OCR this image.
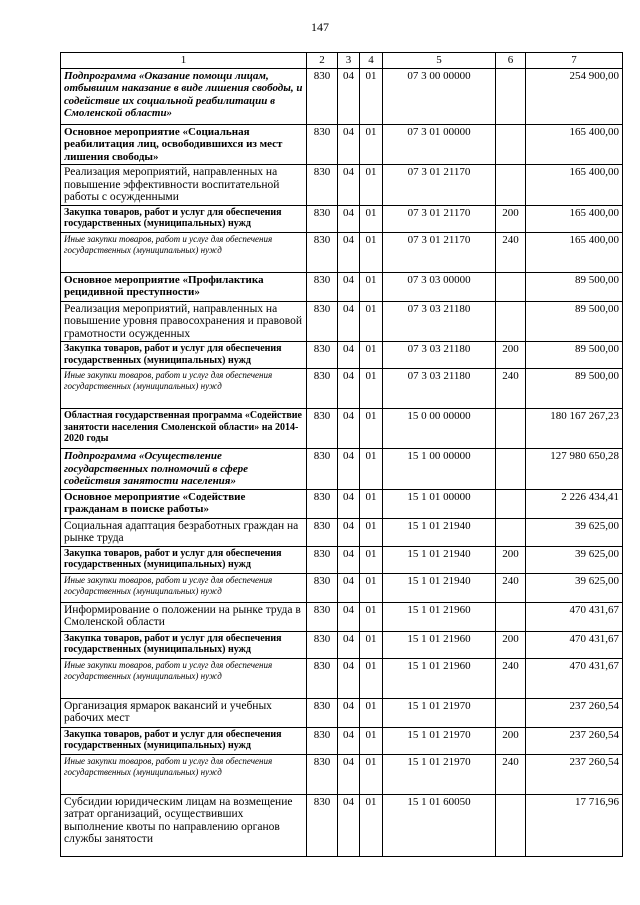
147
1	2	3	4	5	6	7
Подпрограмма «Оказание помощи лицам, отбывшим наказание в виде лишения свободы, и содействие их социальной реабилитации в Смоленской области»	830	04	01	07 3 00 00000		254 900,00
Основное мероприятие «Социальная реабилитация лиц, освободившихся из мест лишения свободы»	830	04	01	07 3 01 00000		165 400,00
Реализация мероприятий, направленных на повышение эффективности воспитательной работы с осужденными	830	04	01	07 3 01 21170		165 400,00
Закупка товаров, работ и услуг для обеспечения государственных (муниципальных) нужд	830	04	01	07 3 01 21170	200	165 400,00
Иные закупки товаров, работ и услуг для обеспечения государственных (муниципальных) нужд	830	04	01	07 3 01 21170	240	165 400,00
Основное мероприятие «Профилактика рецидивной преступности»	830	04	01	07 3 03 00000		89 500,00
Реализация мероприятий, направленных на повышение уровня правосохранения и правовой грамотности осужденных	830	04	01	07 3 03 21180		89 500,00
Закупка товаров, работ и услуг для обеспечения государственных (муниципальных) нужд	830	04	01	07 3 03 21180	200	89 500,00
Иные закупки товаров, работ и услуг для обеспечения государственных (муниципальных) нужд	830	04	01	07 3 03 21180	240	89 500,00
Областная государственная программа «Содействие занятости населения Смоленской области» на 2014-2020 годы	830	04	01	15 0 00 00000		180 167 267,23
Подпрограмма «Осуществление государственных полномочий в сфере содействия занятости населения»	830	04	01	15 1 00 00000		127 980 650,28
Основное мероприятие «Содействие гражданам в поиске работы»	830	04	01	15 1 01 00000		2 226 434,41
Социальная адаптация безработных граждан на рынке труда	830	04	01	15 1 01 21940		39 625,00
Закупка товаров, работ и услуг для обеспечения государственных (муниципальных) нужд	830	04	01	15 1 01 21940	200	39 625,00
Иные закупки товаров, работ и услуг для обеспечения государственных (муниципальных) нужд	830	04	01	15 1 01 21940	240	39 625,00
Информирование о положении на рынке труда в Смоленской области	830	04	01	15 1 01 21960		470 431,67
Закупка товаров, работ и услуг для обеспечения государственных (муниципальных) нужд	830	04	01	15 1 01 21960	200	470 431,67
Иные закупки товаров, работ и услуг для обеспечения государственных (муниципальных) нужд	830	04	01	15 1 01 21960	240	470 431,67
Организация ярмарок вакансий и учебных рабочих мест	830	04	01	15 1 01 21970		237 260,54
Закупка товаров, работ и услуг для обеспечения государственных (муниципальных) нужд	830	04	01	15 1 01 21970	200	237 260,54
Иные закупки товаров, работ и услуг для обеспечения государственных (муниципальных) нужд	830	04	01	15 1 01 21970	240	237 260,54
Субсидии юридическим лицам на возмещение затрат организаций, осуществивших выполнение квоты по направлению органов службы занятости	830	04	01	15 1 01 60050		17 716,96
